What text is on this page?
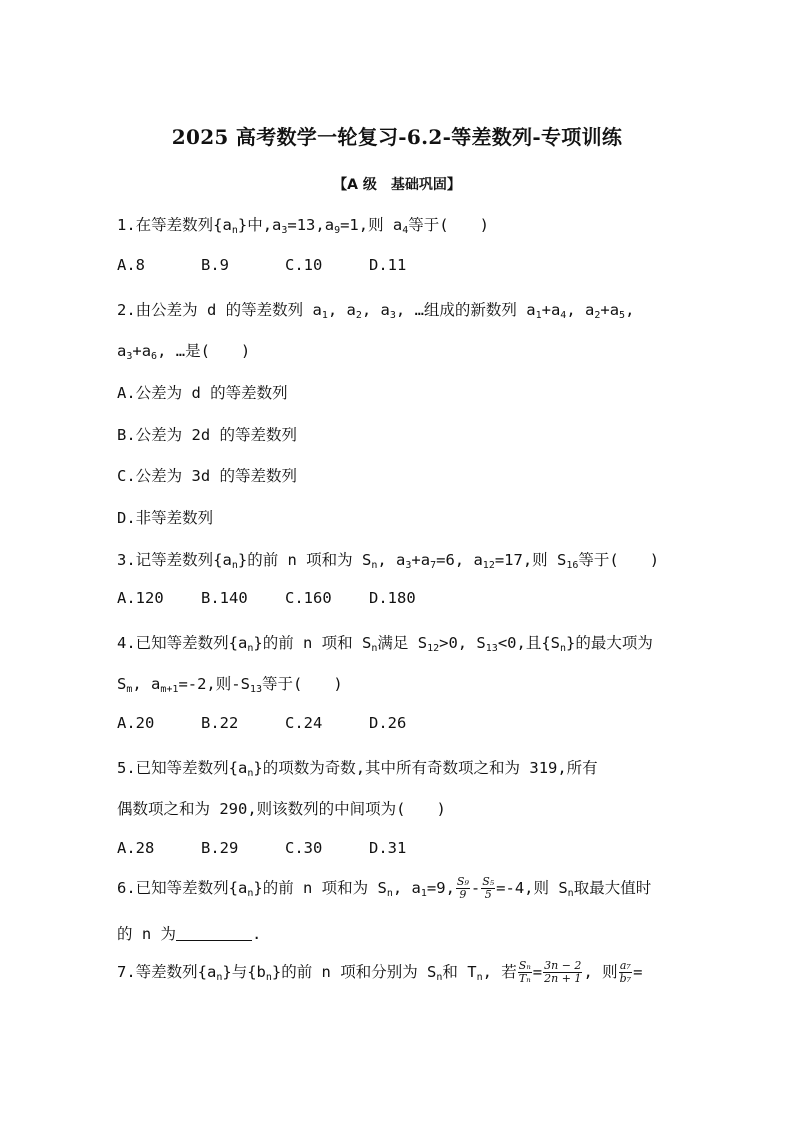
2025 高考数学一轮复习-6.2-等差数列-专项训练
【A 级　基础巩固】
1.在等差数列$\{a_n\}$中$,a_3=13,a_9=1$,则 $a_4$等于(　　)
A.8	B.9	C.10	D.11
2.由公差为 d 的等差数列 $a_1$, $a_2$, $a_3$, …组成的新数列 $a_1+a_4$, $a_2+a_5$,
$a_3+a_6$, …是(　　)
A.公差为 d 的等差数列
B.公差为 2d 的等差数列
C.公差为 3d 的等差数列
D.非等差数列
3.记等差数列$\{a_n\}$的前 n 项和为 $S_n$, $a_3+a_7=6$, $a_{12}=17$,则 $S_{16}$等于(　　)
A.120 B.140 C.160 D.180
4.已知等差数列$\{a_n\}$的前 n 项和 $S_n$满足 $S_{12}>0$, $S_{13}<0$,且$\{S_n\}$的最大项为
$S_m$, $a_{m+1}=-2$,则$-S_{13}$等于(　　)
A.20	B.22	C.24	D.26
5.已知等差数列$\{a_n\}$的项数为奇数,其中所有奇数项之和为 319,所有
偶数项之和为 290,则该数列的中间项为(　　)
A.28	B.29	C.30	D.31
6.已知等差数列$\{a_n\}$的前 n 项和为 $S_n$, $a_1=9$, $\frac{\text{S₉}}{9} - \frac{\text{S₅}}{5} =-4$,则 $S_n$取最大值时
的 n 为	.
7.等差数列$\{a_n\}$与$\{b_n\}$的前 n 项和分别为 $S_n$和 $T_n$, 若 $\frac{\text{Sₙ}}{\text{Tₙ}} = \frac{3n - 2}{2n + 1}$ , 则 $\frac{\text{a₇}}{\text{b₇}}$ =
